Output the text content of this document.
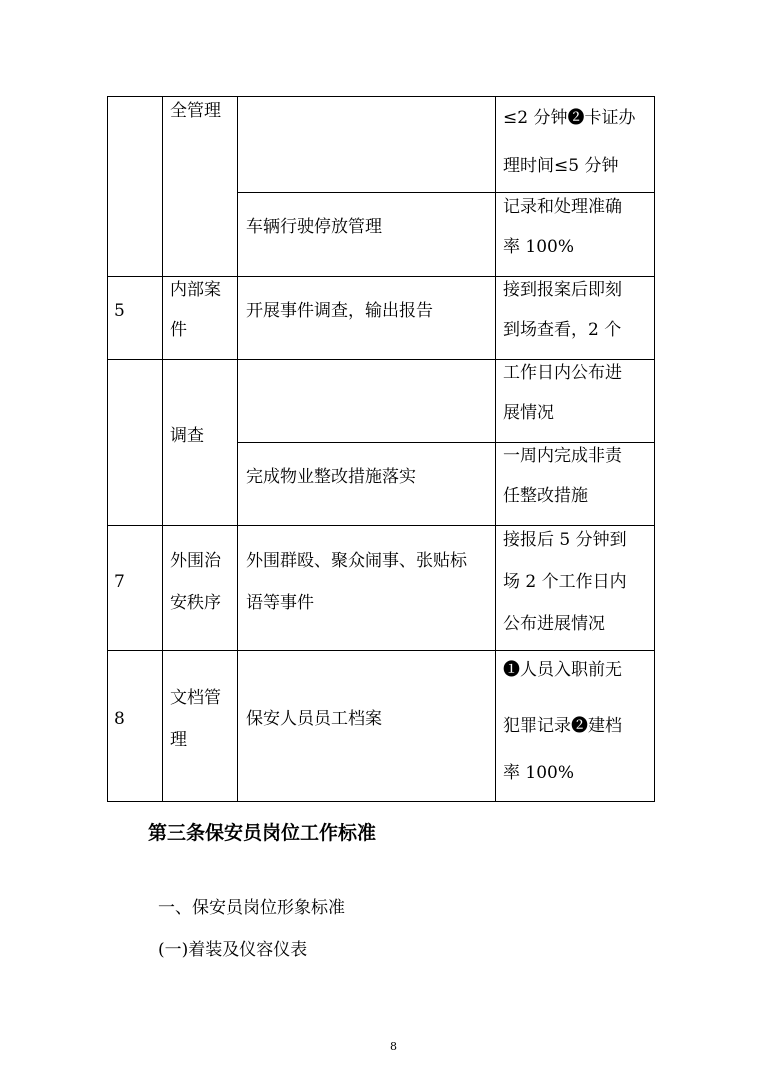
全管理	≤2 分钟➋卡证办
理时间≤5 分钟
车辆行驶停放管理
记录和处理准确
率 100%
5
内部案
件
开展事件调查，输出报告
接到报案后即刻
到场查看，2 个
调查
工作日内公布进
展情况
完成物业整改措施落实
一周内完成非责
任整改措施
7
外围治
安秩序
外围群殴、聚众闹事、张贴标
语等事件
接报后 5 分钟到
场 2 个工作日内
公布进展情况
8
文档管
理
保安人员员工档案
➊人员入职前无
犯罪记录➋建档
率 100%
第三条保安员岗位工作标准
一、保安员岗位形象标准
(一)着装及仪容仪表
8
